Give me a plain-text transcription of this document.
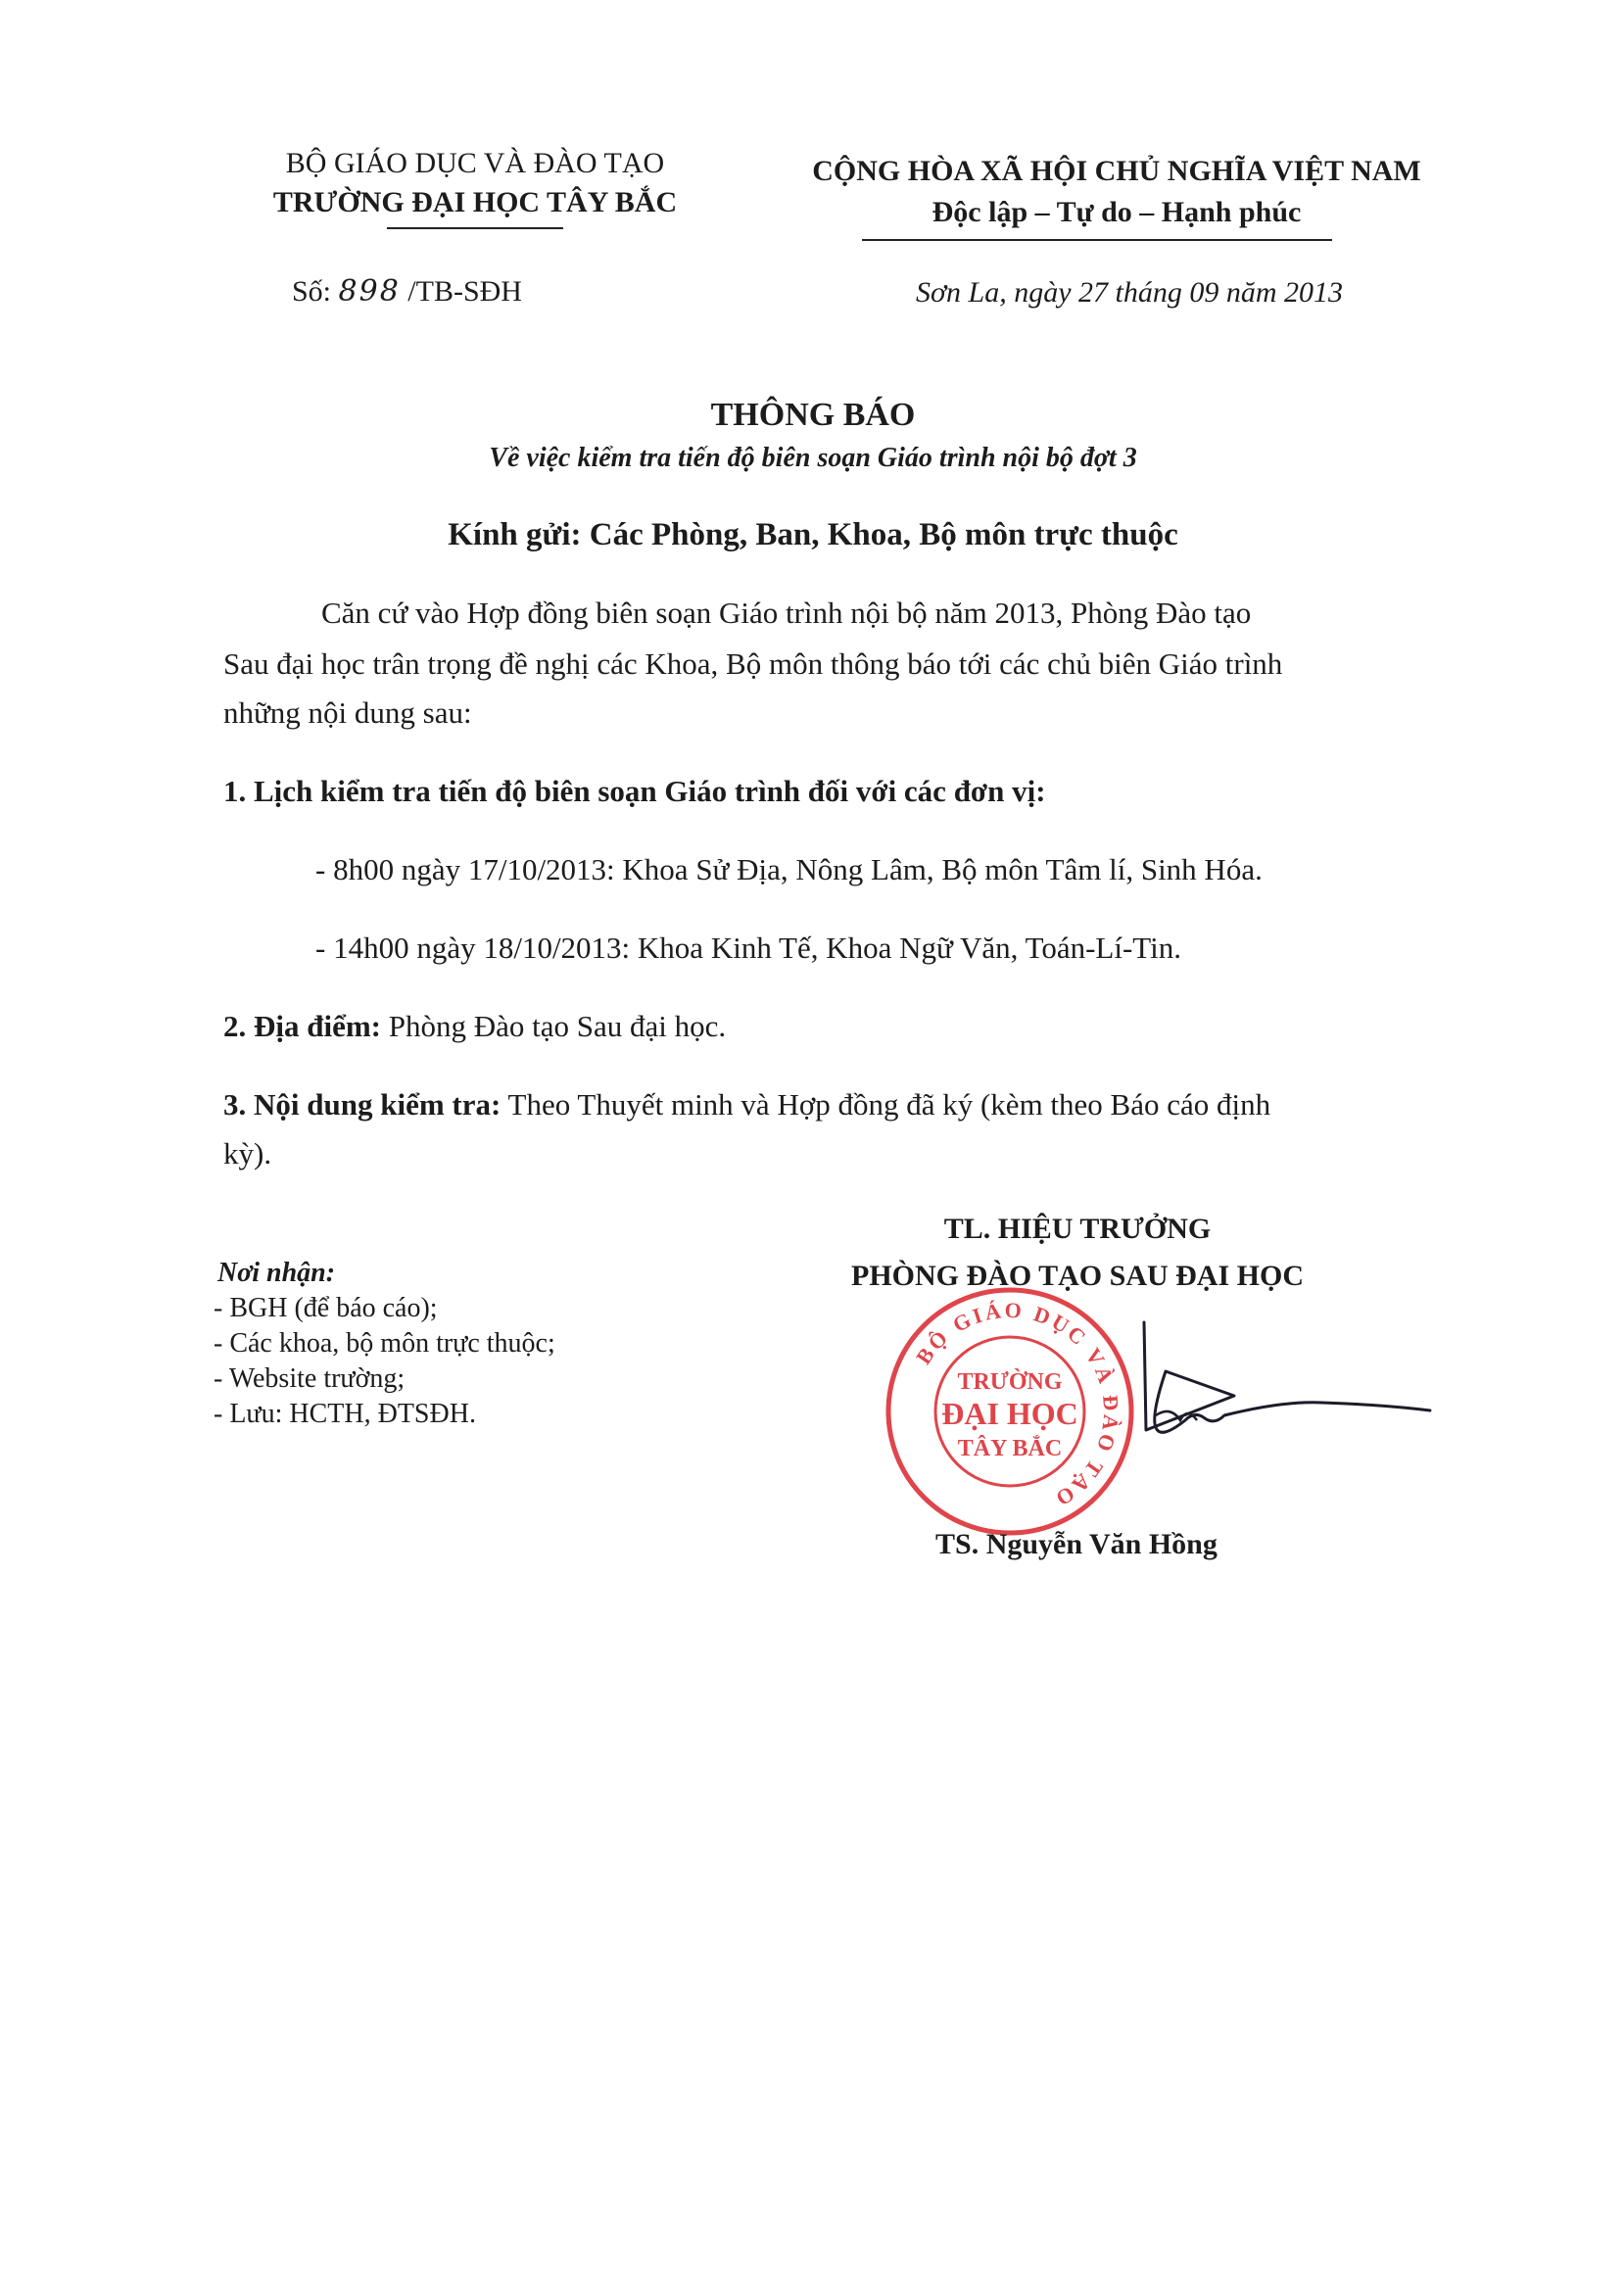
BỘ GIÁO DỤC VÀ ĐÀO TẠO
TRƯỜNG ĐẠI HỌC TÂY BẮC
CỘNG HÒA XÃ HỘI CHỦ NGHĨA VIỆT NAM
Độc lập – Tự do – Hạnh phúc
Số: 898 /TB-SĐH	Sơn La, ngày 27 tháng 09 năm 2013
THÔNG BÁO
Về việc kiểm tra tiến độ biên soạn Giáo trình nội bộ đợt 3
Kính gửi: Các Phòng, Ban, Khoa, Bộ môn trực thuộc
Căn cứ vào Hợp đồng biên soạn Giáo trình nội bộ năm 2013, Phòng Đào tạo
Sau đại học trân trọng đề nghị các Khoa, Bộ môn thông báo tới các chủ biên Giáo trình
những nội dung sau:
1. Lịch kiểm tra tiến độ biên soạn Giáo trình đối với các đơn vị:
- 8h00 ngày 17/10/2013: Khoa Sử Địa, Nông Lâm, Bộ môn Tâm lí, Sinh Hóa.
- 14h00 ngày 18/10/2013: Khoa Kinh Tế, Khoa Ngữ Văn, Toán-Lí-Tin.
2. Địa điểm: Phòng Đào tạo Sau đại học.
3. Nội dung kiểm tra: Theo Thuyết minh và Hợp đồng đã ký (kèm theo Báo cáo định
kỳ).
TL. HIỆU TRƯỞNG
PHÒNG ĐÀO TẠO SAU ĐẠI HỌC
Nơi nhận:
- BGH (để báo cáo);
- Các khoa, bộ môn trực thuộc;
- Website trường;
- Lưu: HCTH, ĐTSĐH.
BỘ GIÁO DỤC VÀ ĐÀO TẠO
TRƯỜNG
ĐẠI HỌC
TÂY BẮC
TS. Nguyễn Văn Hồng
